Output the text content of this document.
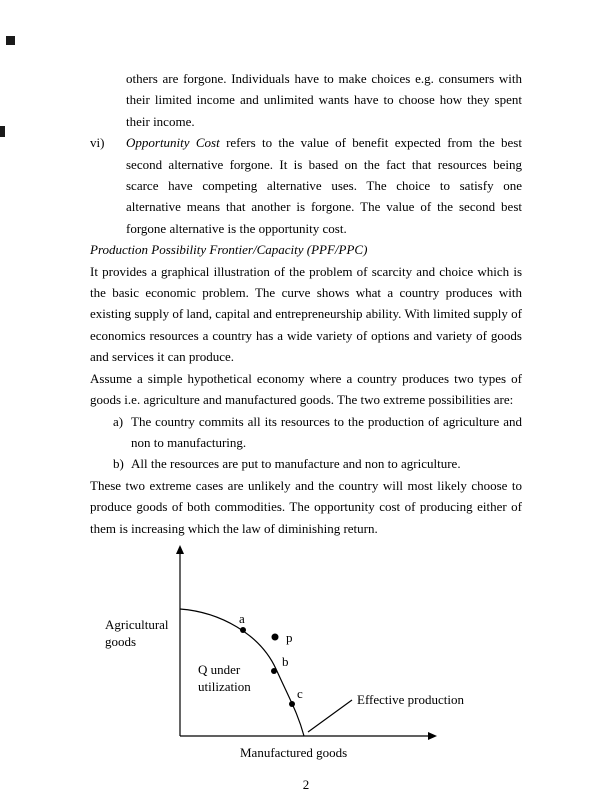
others are forgone. Individuals have to make choices e.g. consumers with their limited income and unlimited wants have to choose how they spent their income.

vi) Opportunity Cost refers to the value of benefit expected from the best second alternative forgone. It is based on the fact that resources being scarce have competing alternative uses. The choice to satisfy one alternative means that another is forgone. The value of the second best forgone alternative is the opportunity cost.

Production Possibility Frontier/Capacity (PPF/PPC)

It provides a graphical illustration of the problem of scarcity and choice which is the basic economic problem. The curve shows what a country produces with existing supply of land, capital and entrepreneurship ability. With limited supply of economics resources a country has a wide variety of options and variety of goods and services it can produce.

Assume a simple hypothetical economy where a country produces two types of goods i.e. agriculture and manufactured goods. The two extreme possibilities are:

a) The country commits all its resources to the production of agriculture and non to manufacturing.
b) All the resources are put to manufacture and non to agriculture.

These two extreme cases are unlikely and the country will most likely choose to produce goods of both commodities. The opportunity cost of producing either of them is increasing which the law of diminishing return.

a
p
b
c
Agricultural
goods
Q under
utilization
Effective production
Manufactured goods
2
